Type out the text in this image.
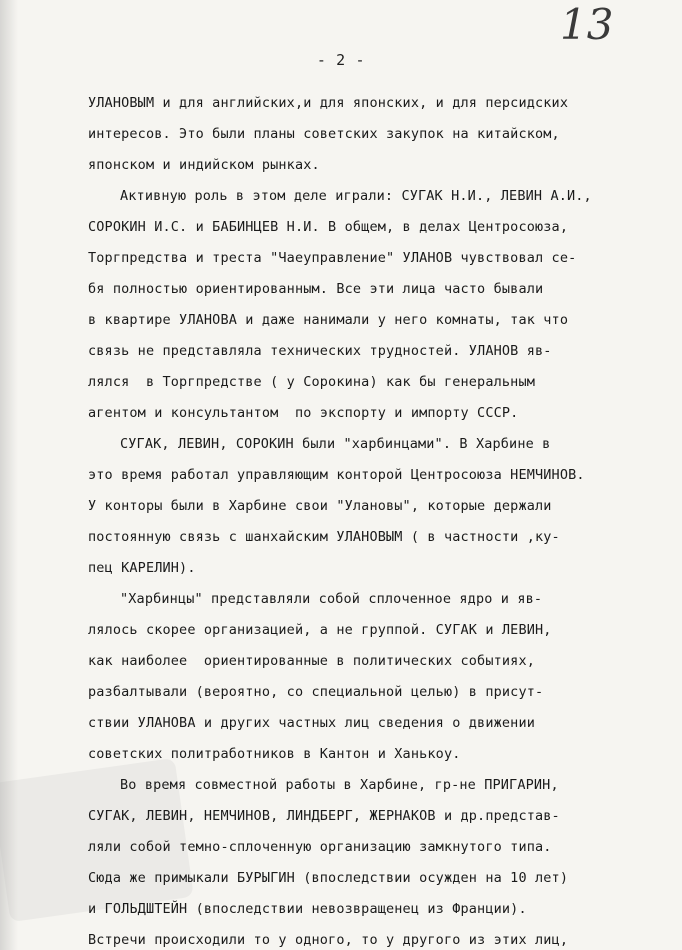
13
- 2 -
УЛАНОВЫМ и для английских,и для японских, и для персидских
интересов. Это были планы советских закупок на китайском,
японском и индийском рынках.
Активную роль в этом деле играли: СУГАК Н.И., ЛЕВИН А.И.,
СОРОКИН И.С. и БАБИНЦЕВ Н.И. В общем, в делах Центросоюза,
Торгпредства и треста "Чаеуправление" УЛАНОВ чувствовал се-
бя полностью ориентированным. Все эти лица часто бывали
в квартире УЛАНОВА и даже нанимали у него комнаты, так что
связь не представляла технических трудностей. УЛАНОВ яв-
лялся  в Торгпредстве ( у Сорокина) как бы генеральным
агентом и консультантом  по экспорту и импорту СССР.
СУГАК, ЛЕВИН, СОРОКИН были "харбинцами". В Харбине в
это время работал управляющим конторой Центросоюза НЕМЧИНОВ.
У конторы были в Харбине свои "Улановы", которые держали
постоянную связь с шанхайским УЛАНОВЫМ ( в частности ,ку-
пец КАРЕЛИН).
"Харбинцы" представляли собой сплоченное ядро и яв-
лялось скорее организацией, а не группой. СУГАК и ЛЕВИН,
как наиболее  ориентированные в политических событиях,
разбалтывали (вероятно, со специальной целью) в присут-
ствии УЛАНОВА и других частных лиц сведения о движении
советских политработников в Кантон и Ханькоу.
Во время совместной работы в Харбине, гр-не ПРИГАРИН,
СУГАК, ЛЕВИН, НЕМЧИНОВ, ЛИНДБЕРГ, ЖЕРНАКОВ и др.представ-
ляли собой темно-сплоченную организацию замкнутого типа.
Сюда же примыкали БУРЫГИН (впоследствии осужден на 10 лет)
и ГОЛЬДШТЕЙН (впоследствии невозвращенец из Франции).
Встречи происходили то у одного, то у другого из этих лиц,
